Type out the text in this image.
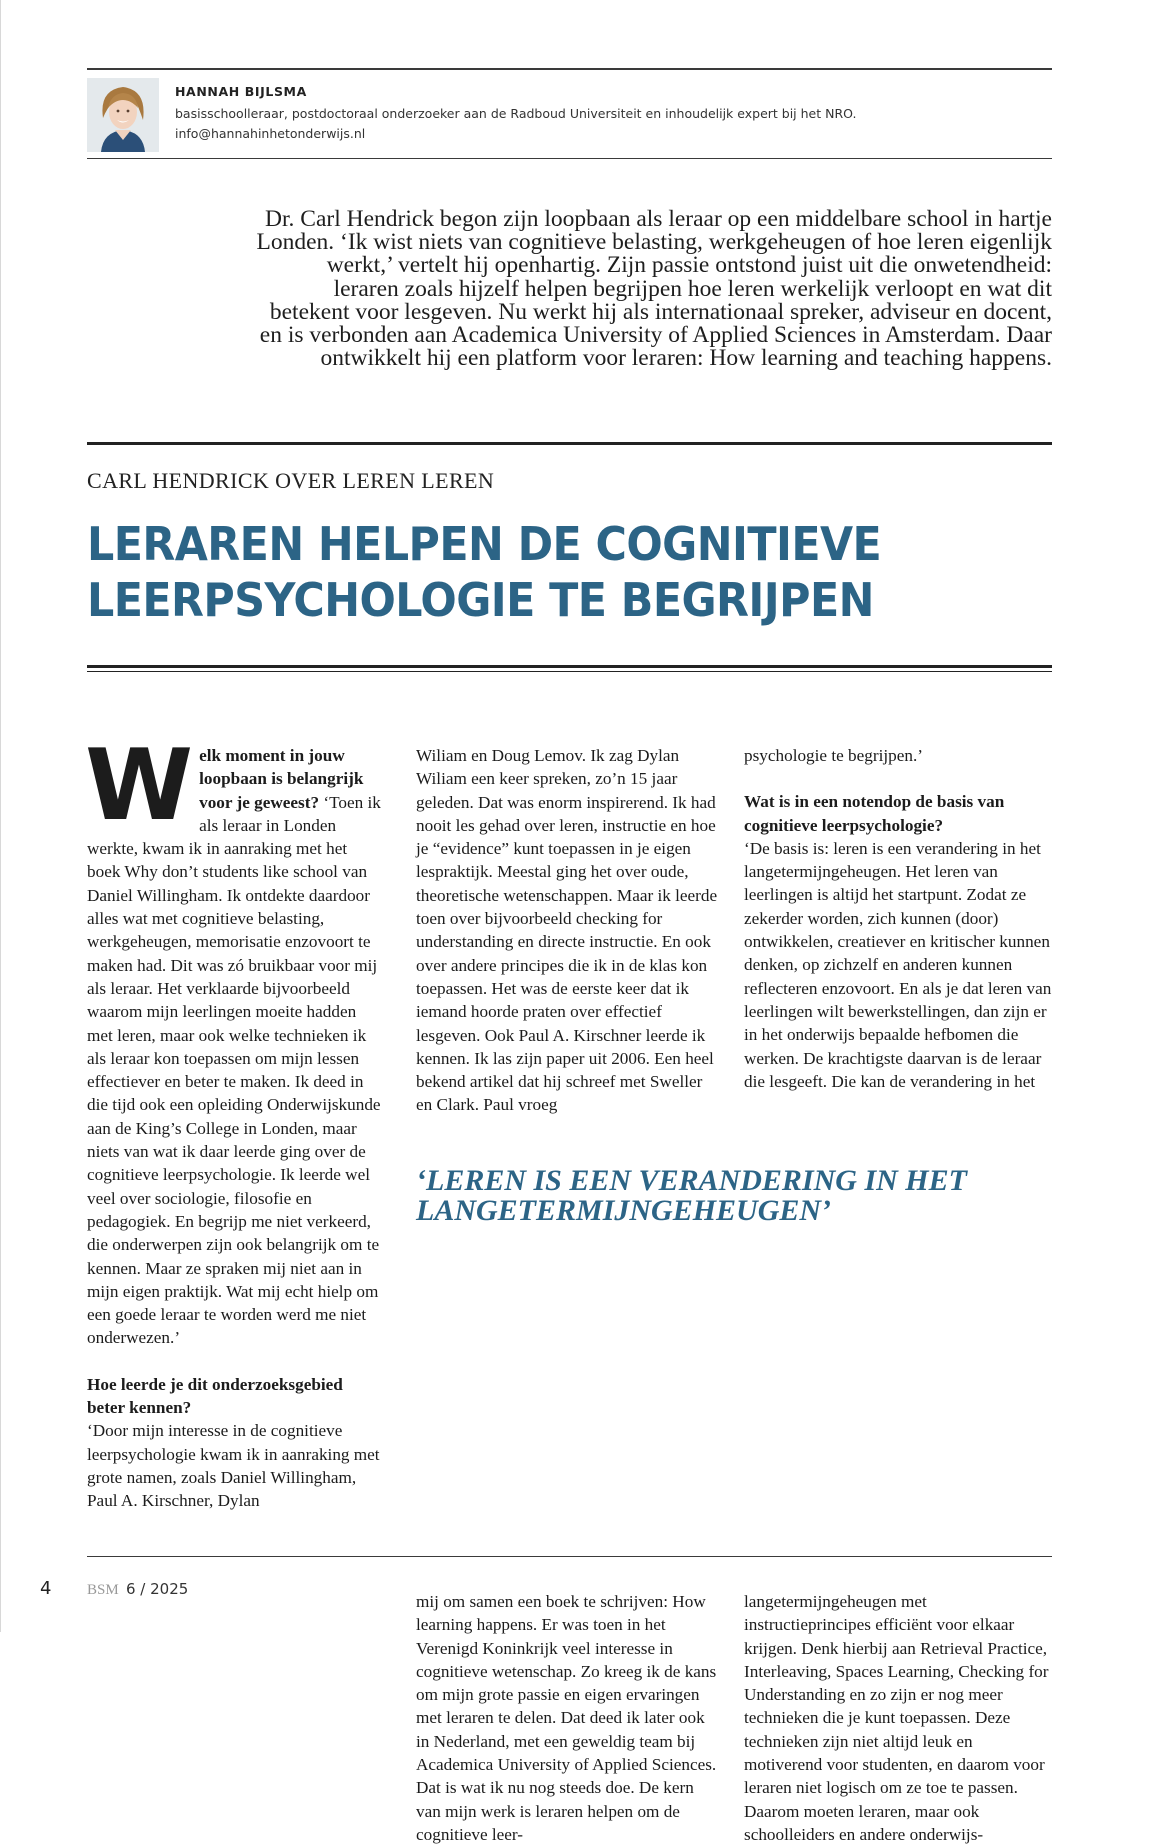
HANNAH BIJLSMA
basisschoolleraar, postdoctoraal onderzoeker aan de Radboud Universiteit en inhoudelijk expert bij het NRO.
info@hannahinhetonderwijs.nl
Dr. Carl Hendrick begon zijn loopbaan als leraar op een middelbare school in hartje
Londen. ‘Ik wist niets van cognitieve belasting, werkgeheugen of hoe leren eigenlijk
werkt,’ vertelt hij openhartig. Zijn passie ontstond juist uit die onwetendheid:
leraren zoals hijzelf helpen begrijpen hoe leren werkelijk verloopt en wat dit
betekent voor lesgeven. Nu werkt hij als internationaal spreker, adviseur en docent,
en is verbonden aan Academica University of Applied Sciences in Amsterdam. Daar
ontwikkelt hij een platform voor leraren: How learning and teaching happens.
CARL HENDRICK OVER LEREN LEREN
LERAREN HELPEN DE COGNITIEVE
LEERPSYCHOLOGIE TE BEGRIJPEN
W elk moment in jouw loopbaan is belangrijk voor je geweest? ‘Toen ik als leraar in Londen werkte, kwam ik in aanraking met het boek Why don’t students like school van Daniel Willingham. Ik ontdekte daardoor alles wat met cognitieve belasting, werkgeheugen, memorisatie enzovoort te maken had. Dit was zó bruikbaar voor mij als leraar. Het verklaarde bijvoorbeeld waarom mijn leerlingen moeite hadden met leren, maar ook welke technieken ik als leraar kon toepassen om mijn lessen effectiever en beter te maken. Ik deed in die tijd ook een opleiding Onderwijskunde aan de King’s College in Londen, maar niets van wat ik daar leerde ging over de cognitieve leerpsychologie. Ik leerde wel veel over sociologie, filosofie en pedagogiek. En begrijp me niet verkeerd, die onderwerpen zijn ook belangrijk om te kennen. Maar ze spraken mij niet aan in mijn eigen praktijk. Wat mij echt hielp om een goede leraar te worden werd me niet onderwezen.’

Hoe leerde je dit onderzoeksgebied beter kennen?

‘Door mijn interesse in de cognitieve leerpsychologie kwam ik in aanraking met grote namen, zoals Daniel Willingham, Paul A. Kirschner, Dylan

Wiliam en Doug Lemov. Ik zag Dylan Wiliam een keer spreken, zo’n 15 jaar geleden. Dat was enorm inspirerend. Ik had nooit les gehad over leren, instructie en hoe je “evidence” kunt toepassen in je eigen lespraktijk. Meestal ging het over oude, theoretische wetenschappen. Maar ik leerde toen over bijvoorbeeld checking for understanding en directe instructie. En ook over andere principes die ik in de klas kon toepassen. Het was de eerste keer dat ik iemand hoorde praten over effectief lesgeven. Ook Paul A. Kirschner leerde ik kennen. Ik las zijn paper uit 2006. Een heel bekend artikel dat hij schreef met Sweller en Clark. Paul vroeg

psychologie te begrijpen.’

Wat is in een notendop de basis van cognitieve leerpsychologie?

‘De basis is: leren is een verandering in het langetermijngeheugen. Het leren van leerlingen is altijd het startpunt. Zodat ze zekerder worden, zich kunnen (door) ontwikkelen, creatiever en kritischer kunnen denken, op zichzelf en anderen kunnen reflecteren enzovoort. En als je dat leren van leerlingen wilt bewerkstellingen, dan zijn er in het onderwijs bepaalde hefbomen die werken. De krachtigste daarvan is de leraar die lesgeeft. Die kan de verandering in het

‘LEREN IS EEN VERANDERING IN HET
LANGETERMIJNGEHEUGEN’

mij om samen een boek te schrijven: How learning happens. Er was toen in het Verenigd Koninkrijk veel interesse in cognitieve wetenschap. Zo kreeg ik de kans om mijn grote passie en eigen ervaringen met leraren te delen. Dat deed ik later ook in Nederland, met een geweldig team bij Academica University of Applied Sciences. Dat is wat ik nu nog steeds doe. De kern van mijn werk is leraren helpen om de cognitieve leer-

langetermijngeheugen met instructieprincipes efficiënt voor elkaar krijgen. Denk hierbij aan Retrieval Practice, Interleaving, Spaces Learning, Checking for Understanding en zo zijn er nog meer technieken die je kunt toepassen. Deze technieken zijn niet altijd leuk en motiverend voor studenten, en daarom voor leraren niet logisch om ze toe te passen. Daarom moeten leraren, maar ook schoolleiders en andere onderwijs-

4 BSM 6 / 2025
